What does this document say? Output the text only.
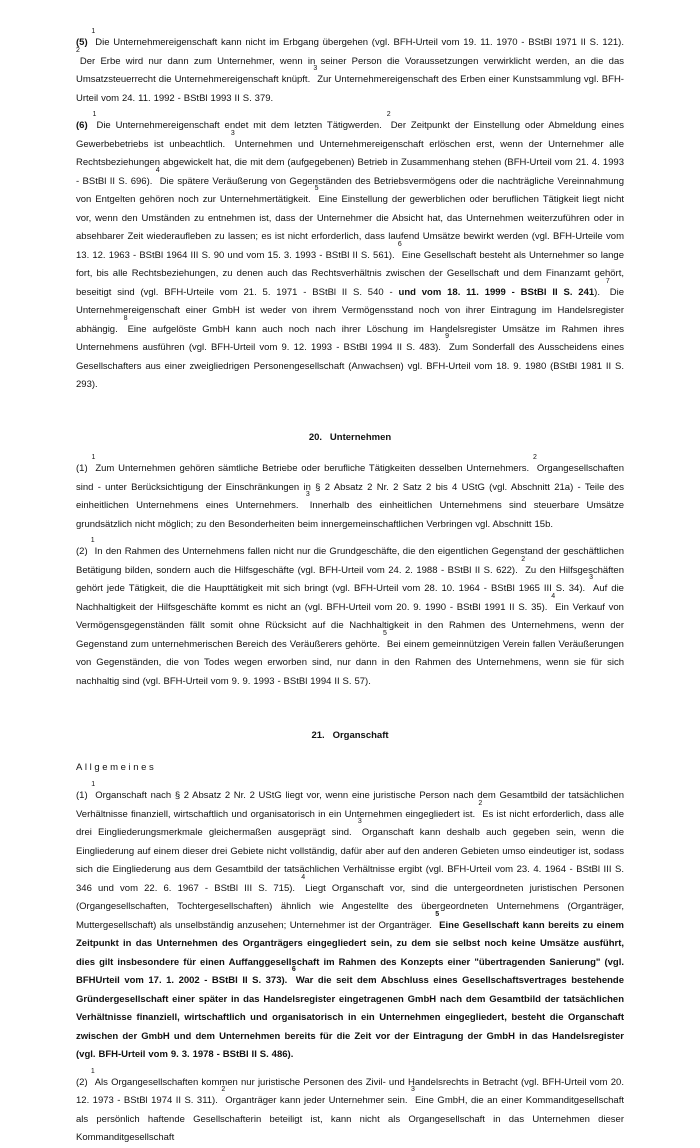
(5) $^1$Die Unternehmereigenschaft kann nicht im Erbgang übergehen (vgl. BFH-Urteil vom 19. 11. 1970 - BStBl 1971 II S. 121). $^2$Der Erbe wird nur dann zum Unternehmer, wenn in seiner Person die Voraussetzungen verwirklicht werden, an die das Umsatzsteuerrecht die Unternehmereigenschaft knüpft. $^3$Zur Unternehmereigenschaft des Erben einer Kunstsammlung vgl. BFH-Urteil vom 24. 11. 1992 - BStBl 1993 II S. 379.

(6) $^1$Die Unternehmereigenschaft endet mit dem letzten Tätigwerden. $^2$Der Zeitpunkt der Einstellung oder Abmeldung eines Gewerbebetriebs ist unbeachtlich. $^3$Unternehmen und Unternehmereigenschaft erlöschen erst, wenn der Unternehmer alle Rechtsbeziehungen abgewickelt hat, die mit dem (aufgegebenen) Betrieb in Zusammenhang stehen (BFH-Urteil vom 21. 4. 1993 - BStBl II S. 696). $^4$Die spätere Veräußerung von Gegenständen des Betriebsvermögens oder die nachträgliche Vereinnahmung von Entgelten gehören noch zur Unternehmertätigkeit. $^5$Eine Einstellung der gewerblichen oder beruflichen Tätigkeit liegt nicht vor, wenn den Umständen zu entnehmen ist, dass der Unternehmer die Absicht hat, das Unternehmen weiterzuführen oder in absehbarer Zeit wiederaufleben zu lassen; es ist nicht erforderlich, dass laufend Umsätze bewirkt werden (vgl. BFH-Urteile vom 13. 12. 1963 - BStBl 1964 III S. 90 und vom 15. 3. 1993 - BStBl II S. 561). $^6$Eine Gesellschaft besteht als Unternehmer so lange fort, bis alle Rechtsbeziehungen, zu denen auch das Rechtsverhältnis zwischen der Gesellschaft und dem Finanzamt gehört, beseitigt sind (vgl. BFH-Urteile vom 21. 5. 1971 - BStBl II S. 540 - und vom 18. 11. 1999 - BStBl II S. 241). $^7$Die Unternehmereigenschaft einer GmbH ist weder von ihrem Vermögensstand noch von ihrer Eintragung im Handelsregister abhängig. $^8$Eine aufgelöste GmbH kann auch noch nach ihrer Löschung im Handelsregister Umsätze im Rahmen ihres Unternehmens ausführen (vgl. BFH-Urteil vom 9. 12. 1993 - BStBl 1994 II S. 483). $^9$Zum Sonderfall des Ausscheidens eines Gesellschafters aus einer zweigliedrigen Personengesellschaft (Anwachsen) vgl. BFH-Urteil vom 18. 9. 1980 (BStBl 1981 II S. 293).

20.   Unternehmen

(1) $^1$Zum Unternehmen gehören sämtliche Betriebe oder berufliche Tätigkeiten desselben Unternehmers. $^2$Organgesellschaften sind - unter Berücksichtigung der Einschränkungen in § 2 Absatz 2 Nr. 2 Satz 2 bis 4 UStG (vgl. Abschnitt 21a) - Teile des einheitlichen Unternehmens eines Unternehmers. $^3$Innerhalb des einheitlichen Unternehmens sind steuerbare Umsätze grundsätzlich nicht möglich; zu den Besonderheiten beim innergemeinschaftlichen Verbringen vgl. Abschnitt 15b.

(2) $^1$In den Rahmen des Unternehmens fallen nicht nur die Grundgeschäfte, die den eigentlichen Gegenstand der geschäftlichen Betätigung bilden, sondern auch die Hilfsgeschäfte (vgl. BFH-Urteil vom 24. 2. 1988 - BStBl II S. 622). $^2$Zu den Hilfsgeschäften gehört jede Tätigkeit, die die Haupttätigkeit mit sich bringt (vgl. BFH-Urteil vom 28. 10. 1964 - BStBl 1965 III S. 34). $^3$Auf die Nachhaltigkeit der Hilfsgeschäfte kommt es nicht an (vgl. BFH-Urteil vom 20. 9. 1990 - BStBl 1991 II S. 35). $^4$Ein Verkauf von Vermögensgegenständen fällt somit ohne Rücksicht auf die Nachhaltigkeit in den Rahmen des Unternehmens, wenn der Gegenstand zum unternehmerischen Bereich des Veräußerers gehörte. $^5$Bei einem gemeinnützigen Verein fallen Veräußerungen von Gegenständen, die von Todes wegen erworben sind, nur dann in den Rahmen des Unternehmens, wenn sie für sich nachhaltig sind (vgl. BFH-Urteil vom 9. 9. 1993 - BStBl 1994 II S. 57).

21.   Organschaft
Allgemeines

(1) $^1$Organschaft nach § 2 Absatz 2 Nr. 2 UStG liegt vor, wenn eine juristische Person nach dem Gesamtbild der tatsächlichen Verhältnisse finanziell, wirtschaftlich und organisatorisch in ein Unternehmen eingegliedert ist. $^2$Es ist nicht erforderlich, dass alle drei Eingliederungsmerkmale gleichermaßen ausgeprägt sind. $^3$Organschaft kann deshalb auch gegeben sein, wenn die Eingliederung auf einem dieser drei Gebiete nicht vollständig, dafür aber auf den anderen Gebieten umso eindeutiger ist, sodass sich die Eingliederung aus dem Gesamtbild der tatsächlichen Verhältnisse ergibt (vgl. BFH-Urteil vom 23. 4. 1964 - BStBl III S. 346 und vom 22. 6. 1967 - BStBl III S. 715). $^4$Liegt Organschaft vor, sind die untergeordneten juristischen Personen (Organgesellschaften, Tochtergesellschaften) ähnlich wie Angestellte des übergeordneten Unternehmens (Organträger, Muttergesellschaft) als unselbständig anzusehen; Unternehmer ist der Organträger. $^5$Eine Gesellschaft kann bereits zu einem Zeitpunkt in das Unternehmen des Organträgers eingegliedert sein, zu dem sie selbst noch keine Umsätze ausführt, dies gilt insbesondere für einen Auffanggesellschaft im Rahmen des Konzepts einer "übertragenden Sanierung" (vgl. BFHUrteil vom 17. 1. 2002 - BStBl II S. 373). $^6$War die seit dem Abschluss eines Gesellschaftsvertrages bestehende Gründergesellschaft einer später in das Handelsregister eingetragenen GmbH nach dem Gesamtbild der tatsächlichen Verhältnisse finanziell, wirtschaftlich und organisatorisch in ein Unternehmen eingegliedert, besteht die Organschaft zwischen der GmbH und dem Unternehmen bereits für die Zeit vor der Eintragung der GmbH in das Handelsregister (vgl. BFH-Urteil vom 9. 3. 1978 - BStBl II S. 486).

(2) $^1$Als Organgesellschaften kommen nur juristische Personen des Zivil- und Handelsrechts in Betracht (vgl. BFH-Urteil vom 20. 12. 1973 - BStBl 1974 II S. 311). $^2$Organträger kann jeder Unternehmer sein. $^3$Eine GmbH, die an einer Kommanditgesellschaft als persönlich haftende Gesellschafterin beteiligt ist, kann nicht als Organgesellschaft in das Unternehmen dieser Kommanditgesellschaft
